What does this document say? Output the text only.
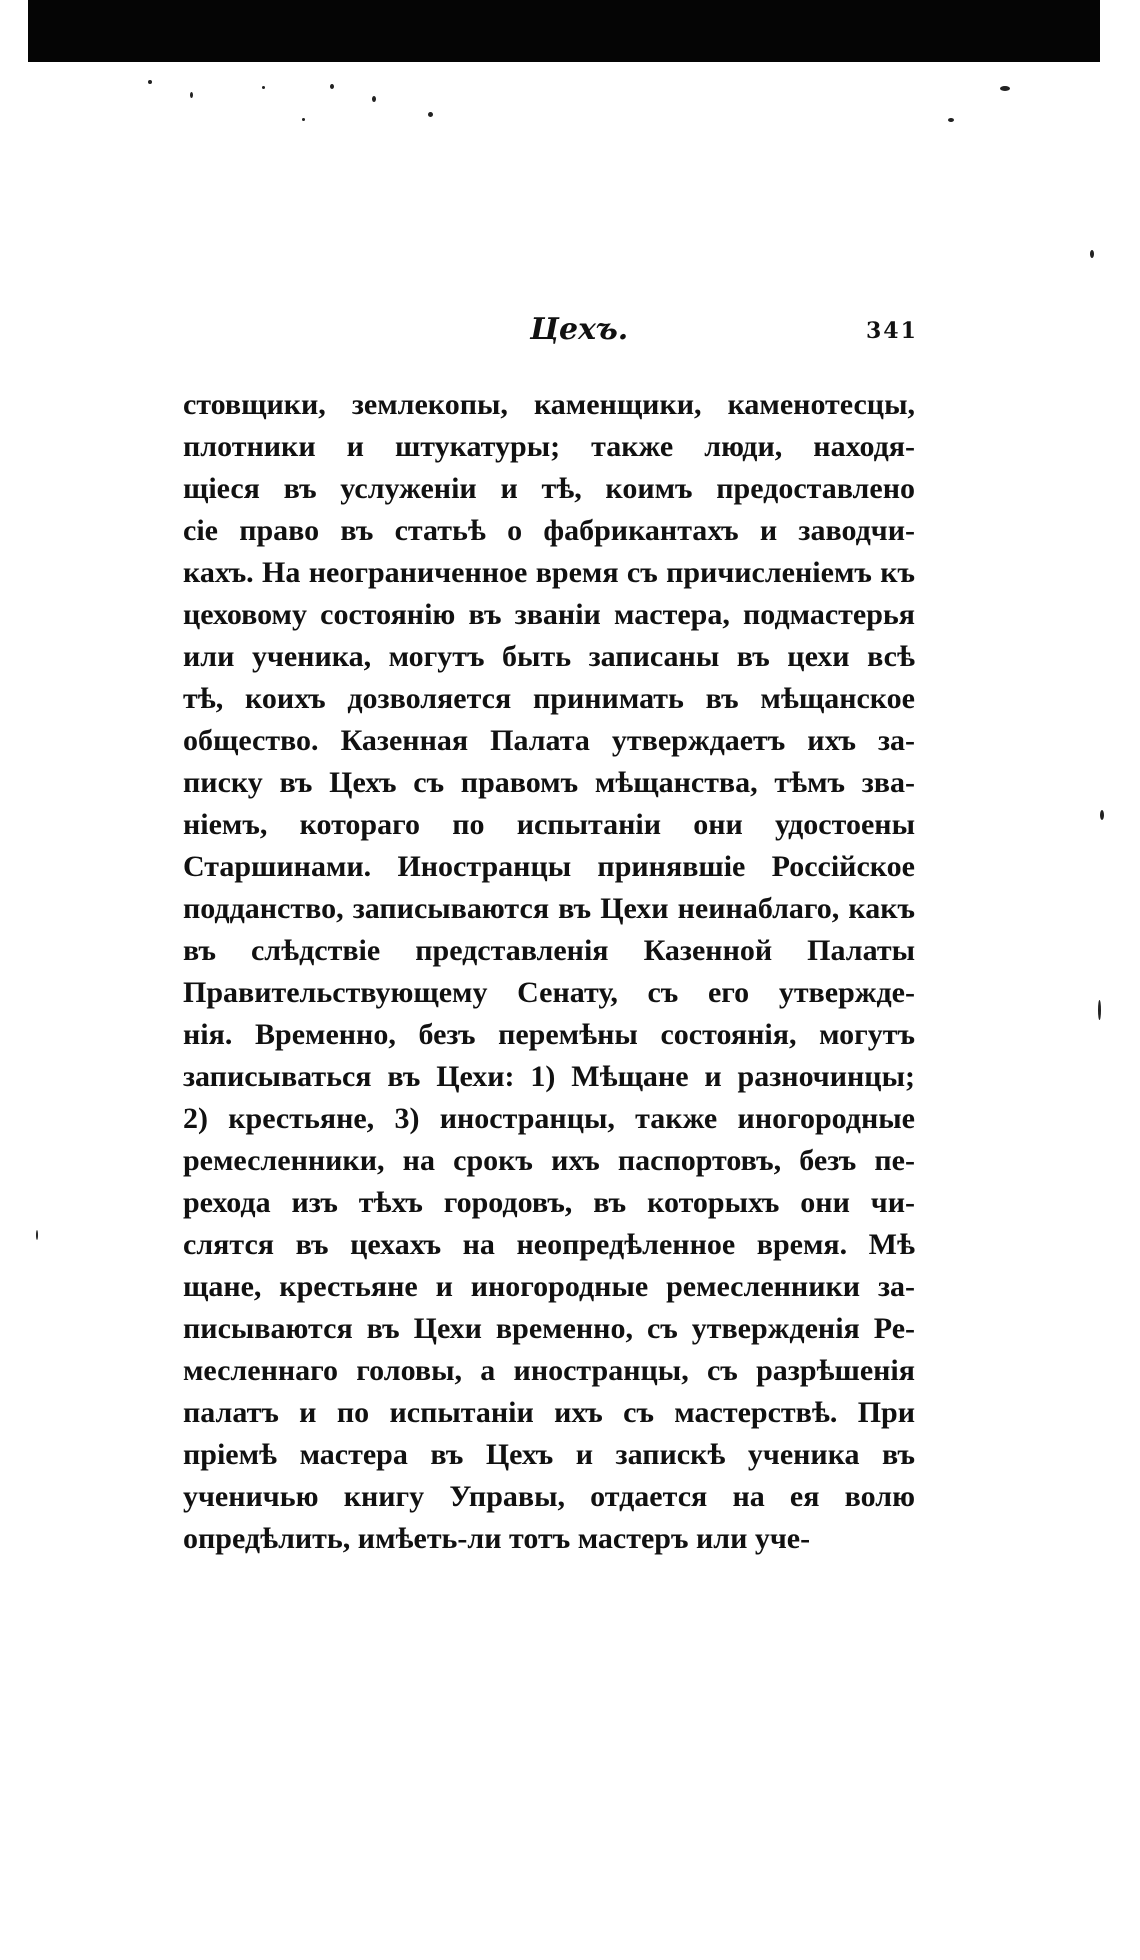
Цехъ.	341
стовщики, землекопы, каменщики, каменотесцы,
плотники и штукатуры; также люди, находя-
щіеся въ услуженіи и тѣ, коимъ предоставлено
сіе право въ статьѣ о фабрикантахъ и заводчи-
кахъ. На неограниченное время съ причисленіемъ къ
цеховому состоянію въ званіи мастера, подмастерья
или ученика, могутъ быть записаны въ цехи всѣ
тѣ, коихъ дозволяется принимать въ мѣщанское
общество. Казенная Палата утверждаетъ ихъ за-
писку въ Цехъ съ правомъ мѣщанства, тѣмъ зва-
ніемъ, котораго по испытаніи они удостоены
Старшинами. Иностранцы принявшіе Россійское
подданство, записываются въ Цехи неинаблаго, какъ
въ слѣдствіе представленія Казенной Палаты
Правительствующему Сенату, съ его утвержде-
нія. Временно, безъ перемѣны состоянія, могутъ
записываться въ Цехи: 1) Мѣщане и разночинцы;
2) крестьяне, 3) иностранцы, также иногородные
ремесленники, на срокъ ихъ паспортовъ, безъ пе-
рехода изъ тѣхъ городовъ, въ которыхъ они чи-
слятся въ цехахъ на неопредѣленное время. Мѣ
щане, крестьяне и иногородные ремесленники за-
писываются въ Цехи временно, съ утвержденія Ре-
месленнаго головы, а иностранцы, съ разрѣшенія
палатъ и по испытаніи ихъ съ мастерствѣ. При
пріемѣ мастера въ Цехъ и запискѣ ученика въ
ученичью книгу Управы, отдается на ея волю
опредѣлить, имѣеть-ли тотъ мастеръ или уче-
